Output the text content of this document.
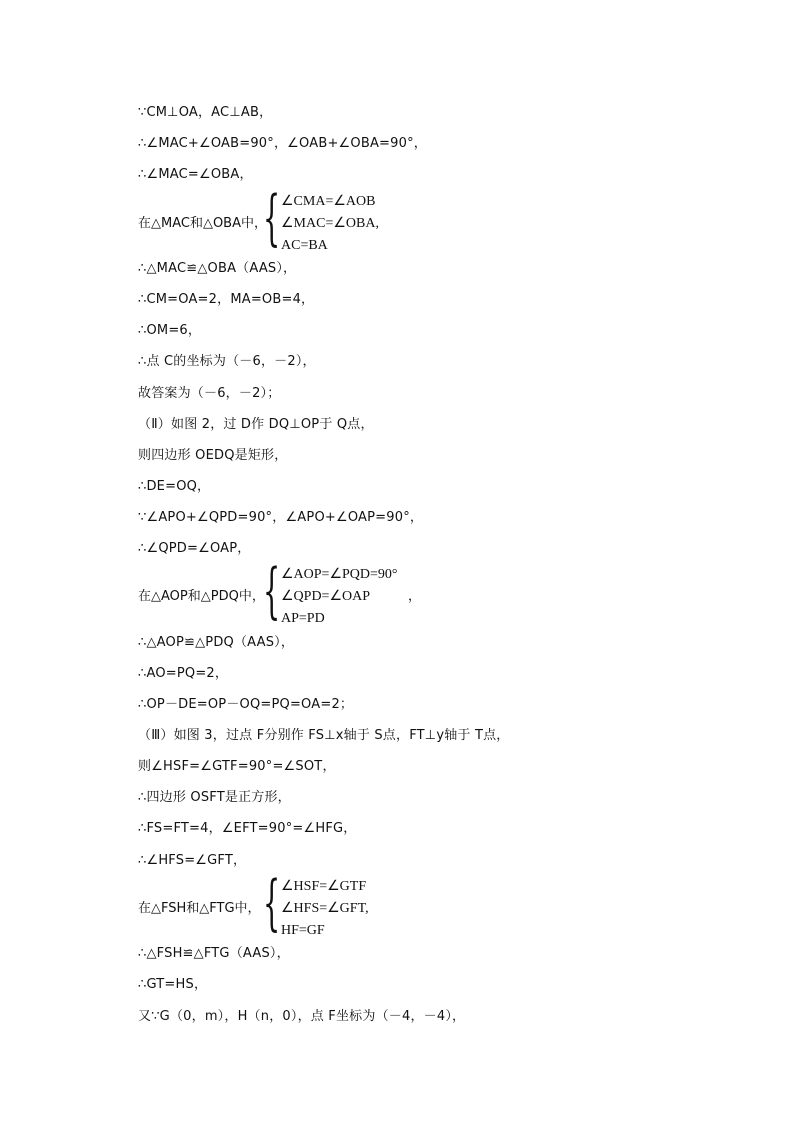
∵CM⊥OA，AC⊥AB，
∴∠MAC+∠OAB=90°，∠OAB+∠OBA=90°，
∴∠MAC=∠OBA，
在△MAC和△OBA中，
{ ∠CMA=∠AOB
∠MAC=∠OBA,
AC=BA
∴△MAC≌△OBA（AAS），
∴CM=OA=2，MA=OB=4，
∴OM=6，
∴点 C的坐标为（－6，－2），
故答案为（－6，－2）；
（Ⅱ）如图 2，过 D作 DQ⊥OP于 Q点，
则四边形 OEDQ是矩形，
∴DE=OQ，
∵∠APO+∠QPD=90°，∠APO+∠OAP=90°，
∴∠QPD=∠OAP，
在△AOP和△PDQ中，
{ ∠AOP=∠PQD=90°
∠QPD=∠OAP
AP=PD
，
∴△AOP≌△PDQ（AAS），
∴AO=PQ=2，
∴OP－DE=OP－OQ=PQ=OA=2；
（Ⅲ）如图 3，过点 F分别作 FS⊥x轴于 S点，FT⊥y轴于 T点，
则∠HSF=∠GTF=90°=∠SOT，
∴四边形 OSFT是正方形，
∴FS=FT=4，∠EFT=90°=∠HFG，
∴∠HFS=∠GFT，
在△FSH和△FTG中， { ∠HSF=∠GTF
∠HFS=∠GFT,
HF=GF
∴△FSH≌△FTG（AAS），
∴GT=HS，
又∵G（0，m），H（n，0），点 F坐标为（－4，－4），
